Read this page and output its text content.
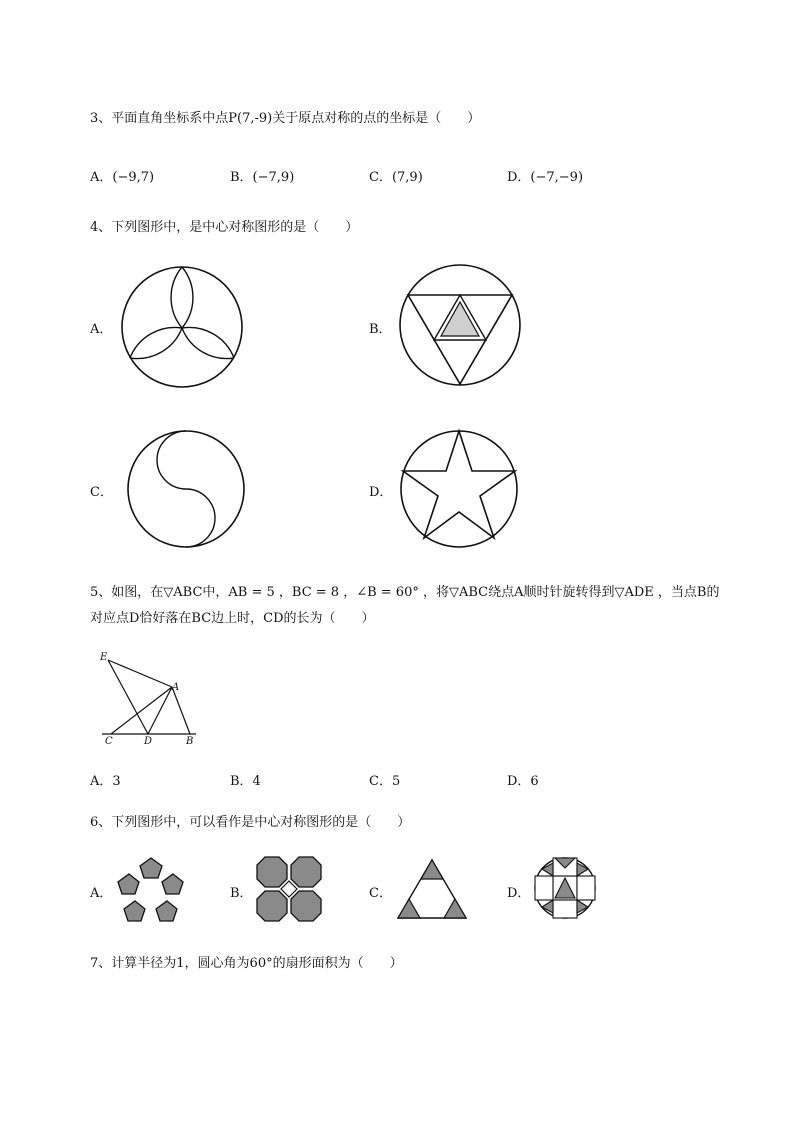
3、平面直角坐标系中点P(7,-9)关于原点对称的点的坐标是（　　）
A．(−9,7)	B．(−7,9)	C．(7,9)	D．(−7,−9)
4、下列图形中，是中心对称图形的是（　　）
A．	B．
C．	D．
5、如图，在▽ABC中，AB = 5 ，BC = 8 ，∠B = 60° ，将▽ABC绕点A顺时针旋转得到▽ADE ，当点B的
对应点D恰好落在BC边上时，CD的长为（　　）
E
A
C	D	B
A．3	B．4	C．5	D．6
6、下列图形中，可以看作是中心对称图形的是（　　）
A．	B．	C．	D．
7、计算半径为1，圆心角为60°的扇形面积为（　　）
